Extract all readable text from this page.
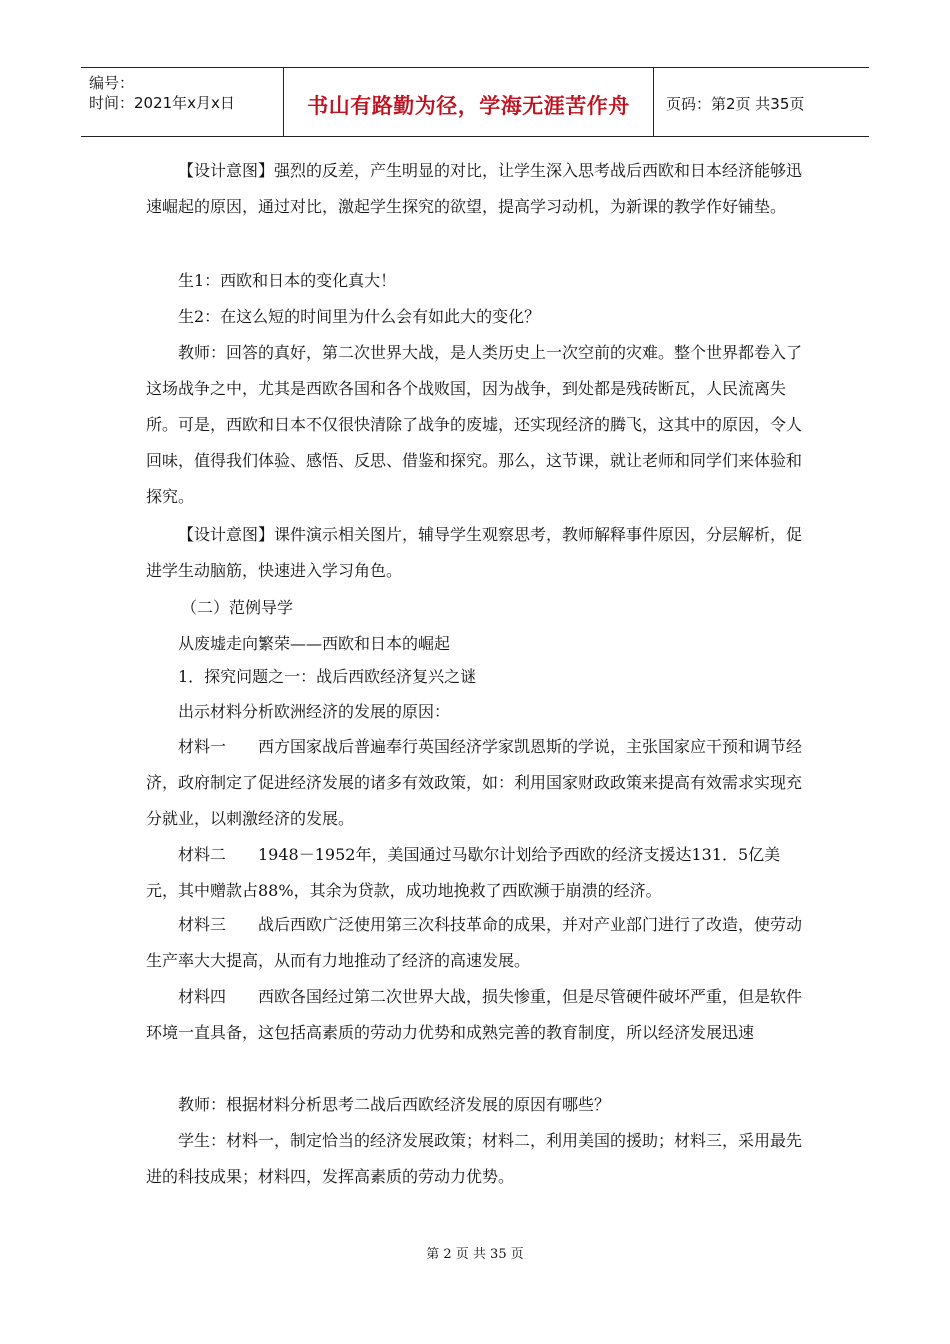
编号：
时间：2021年x月x日	书山有路勤为径，学海无涯苦作舟	页码：第2页 共35页

【设计意图】强烈的反差，产生明显的对比，让学生深入思考战后西欧和日本经济能够迅速崛起的原因，通过对比，激起学生探究的欲望，提高学习动机，为新课的教学作好铺垫。

生1：西欧和日本的变化真大！

生2：在这么短的时间里为什么会有如此大的变化？

教师：回答的真好，第二次世界大战，是人类历史上一次空前的灾难。整个世界都卷入了这场战争之中，尤其是西欧各国和各个战败国，因为战争，到处都是残砖断瓦，人民流离失所。可是，西欧和日本不仅很快清除了战争的废墟，还实现经济的腾飞，这其中的原因，令人回味，值得我们体验、感悟、反思、借鉴和探究。那么，这节课，就让老师和同学们来体验和探究。

【设计意图】课件演示相关图片，辅导学生观察思考，教师解释事件原因，分层解析，促进学生动脑筋，快速进入学习角色。

（二）范例导学

从废墟走向繁荣——西欧和日本的崛起

1．探究问题之一：战后西欧经济复兴之谜

出示材料分析欧洲经济的发展的原因：

材料一　　西方国家战后普遍奉行英国经济学家凯恩斯的学说，主张国家应干预和调节经济，政府制定了促进经济发展的诸多有效政策，如：利用国家财政政策来提高有效需求实现充分就业，以刺激经济的发展。

材料二　　1948－1952年，美国通过马歇尔计划给予西欧的经济支援达131．5亿美元，其中赠款占88%，其余为贷款，成功地挽救了西欧濒于崩溃的经济。

材料三　　战后西欧广泛使用第三次科技革命的成果，并对产业部门进行了改造，使劳动生产率大大提高，从而有力地推动了经济的高速发展。

材料四　　西欧各国经过第二次世界大战，损失惨重，但是尽管硬件破坏严重，但是软件环境一直具备，这包括高素质的劳动力优势和成熟完善的教育制度，所以经济发展迅速

教师：根据材料分析思考二战后西欧经济发展的原因有哪些？

学生：材料一，制定恰当的经济发展政策；材料二，利用美国的援助；材料三，采用最先进的科技成果；材料四，发挥高素质的劳动力优势。

第 2 页 共 35 页
